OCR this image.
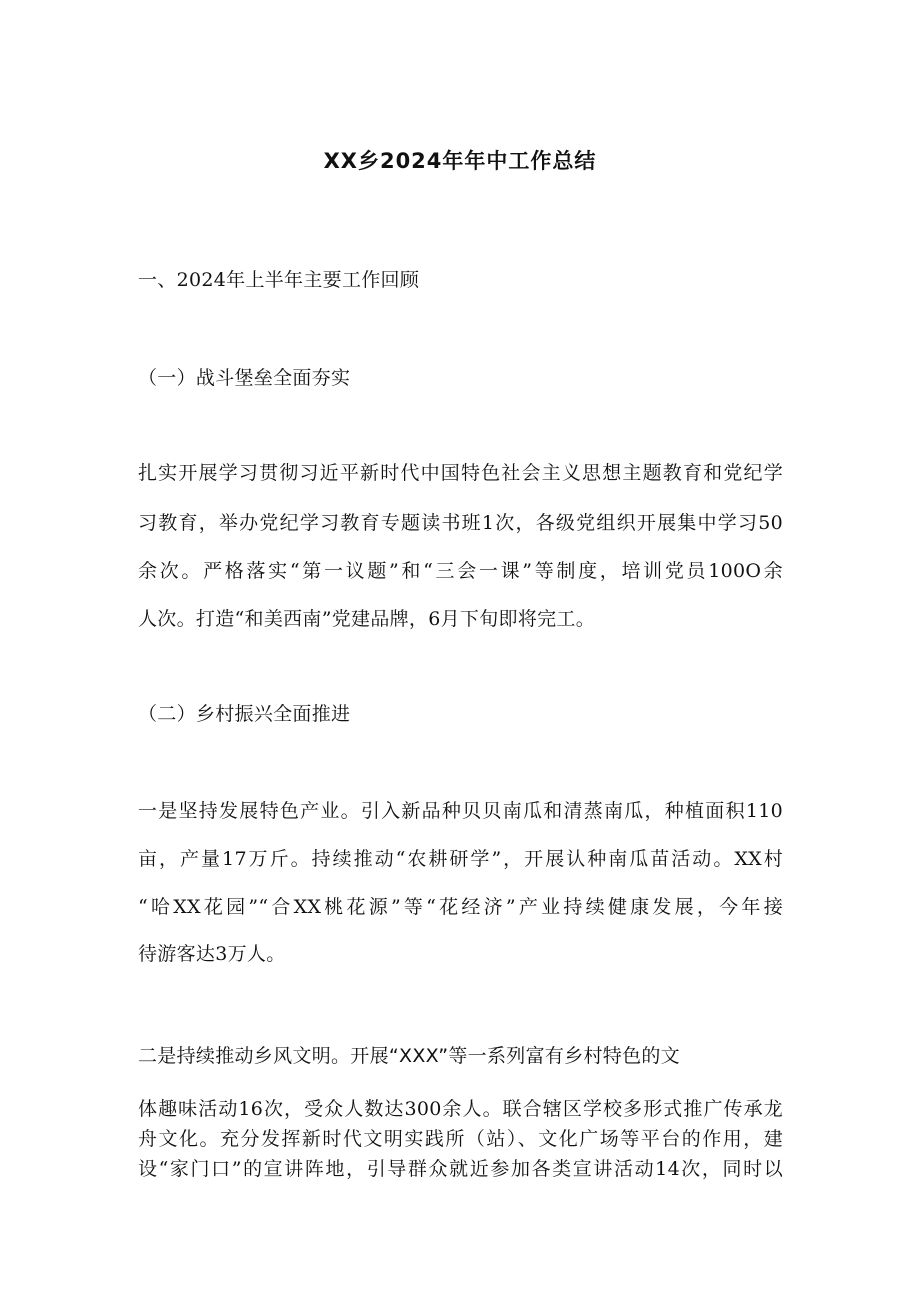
XX乡2024年年中工作总结
一、2024年上半年主要工作回顾
（一）战斗堡垒全面夯实
扎实开展学习贯彻习近平新时代中国特色社会主义思想主题教育和党纪学
习教育，举办党纪学习教育专题读书班1次，各级党组织开展集中学习50
余次。严格落实“第一议题”和“三会一课”等制度，培训党员100O余
人次。打造“和美西南”党建品牌，6月下旬即将完工。
（二）乡村振兴全面推进
一是坚持发展特色产业。引入新品种贝贝南瓜和清蒸南瓜，种植面积110
亩，产量17万斤。持续推动“农耕研学”，开展认种南瓜苗活动。XX村
“哈XX花园”“合XX桃花源”等“花经济”产业持续健康发展，今年接
待游客达3万人。
二是持续推动乡风文明。开展“XXX”等一系列富有乡村特色的文
体趣味活动16次，受众人数达300余人。联合辖区学校多形式推广传承龙
舟文化。充分发挥新时代文明实践所（站）、文化广场等平台的作用，建
设“家门口”的宣讲阵地，引导群众就近参加各类宣讲活动14次，同时以
